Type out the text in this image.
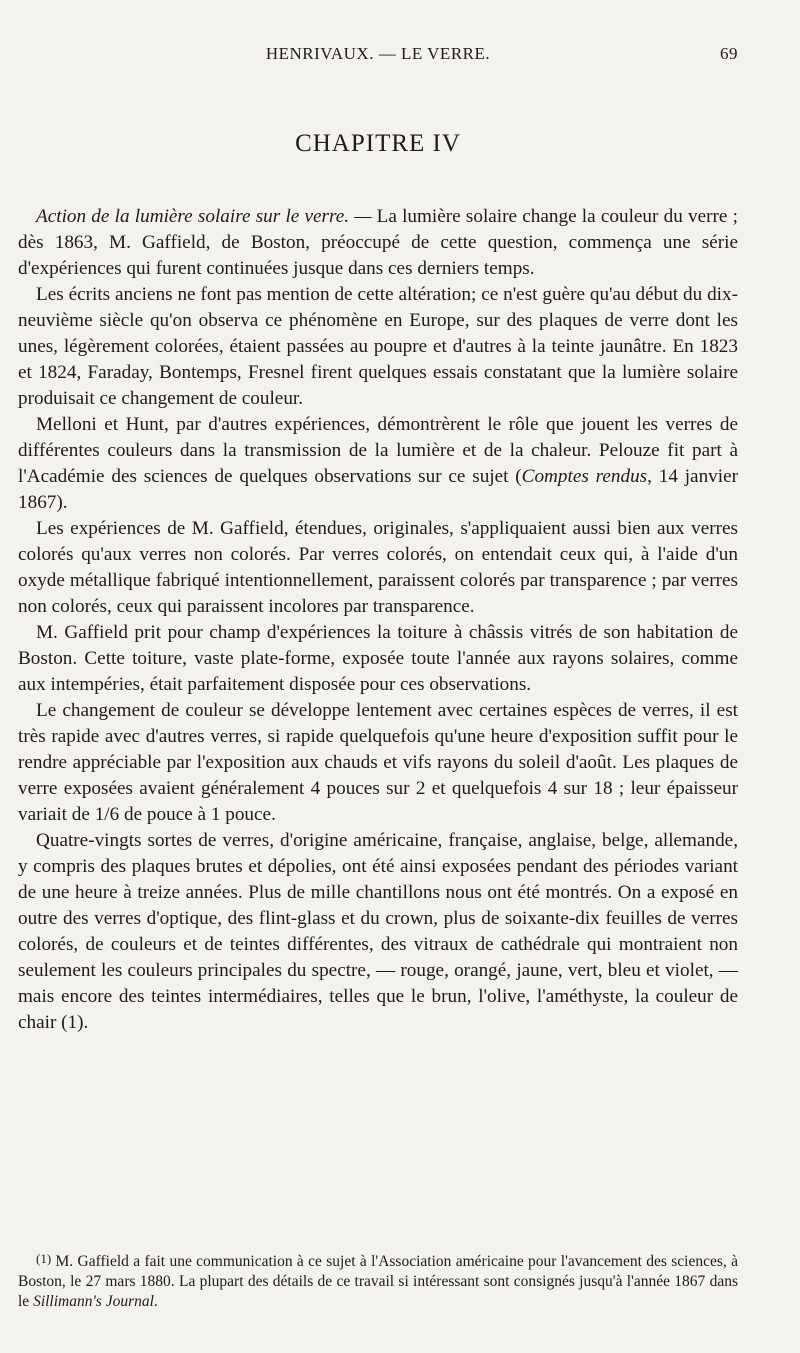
HENRIVAUX. — LE VERRE.	69
CHAPITRE IV

Action de la lumière solaire sur le verre. — La lumière solaire change la couleur du verre ; dès 1863, M. Gaffield, de Boston, préoccupé de cette question, commença une série d'expériences qui furent continuées jusque dans ces derniers temps.

Les écrits anciens ne font pas mention de cette altération; ce n'est guère qu'au début du dix-neuvième siècle qu'on observa ce phénomène en Europe, sur des plaques de verre dont les unes, légèrement colorées, étaient passées au poupre et d'autres à la teinte jaunâtre. En 1823 et 1824, Faraday, Bontemps, Fresnel firent quelques essais constatant que la lumière solaire produisait ce changement de couleur.

Melloni et Hunt, par d'autres expériences, démontrèrent le rôle que jouent les verres de différentes couleurs dans la transmission de la lumière et de la chaleur. Pelouze fit part à l'Académie des sciences de quelques observations sur ce sujet (Comptes rendus, 14 janvier 1867).

Les expériences de M. Gaffield, étendues, originales, s'appliquaient aussi bien aux verres colorés qu'aux verres non colorés. Par verres colorés, on entendait ceux qui, à l'aide d'un oxyde métallique fabriqué intentionnellement, paraissent colorés par transparence ; par verres non colorés, ceux qui paraissent incolores par transparence.

M. Gaffield prit pour champ d'expériences la toiture à châssis vitrés de son habitation de Boston. Cette toiture, vaste plate-forme, exposée toute l'année aux rayons solaires, comme aux intempéries, était parfaitement disposée pour ces observations.

Le changement de couleur se développe lentement avec certaines espèces de verres, il est très rapide avec d'autres verres, si rapide quelquefois qu'une heure d'exposition suffit pour le rendre appréciable par l'exposition aux chauds et vifs rayons du soleil d'août. Les plaques de verre exposées avaient généralement 4 pouces sur 2 et quelquefois 4 sur 18 ; leur épaisseur variait de 1/6 de pouce à 1 pouce.

Quatre-vingts sortes de verres, d'origine américaine, française, anglaise, belge, allemande, y compris des plaques brutes et dépolies, ont été ainsi exposées pendant des périodes variant de une heure à treize années. Plus de mille chantillons nous ont été montrés. On a exposé en outre des verres d'optique, des flint-glass et du crown, plus de soixante-dix feuilles de verres colorés, de couleurs et de teintes différentes, des vitraux de cathédrale qui montraient non seulement les couleurs principales du spectre, — rouge, orangé, jaune, vert, bleu et violet, — mais encore des teintes intermédiaires, telles que le brun, l'olive, l'améthyste, la couleur de chair (1).

(1) M. Gaffield a fait une communication à ce sujet à l'Association américaine pour l'avancement des sciences, à Boston, le 27 mars 1880. La plupart des détails de ce travail si intéressant sont consignés jusqu'à l'année 1867 dans le Sillimann's Journal.
